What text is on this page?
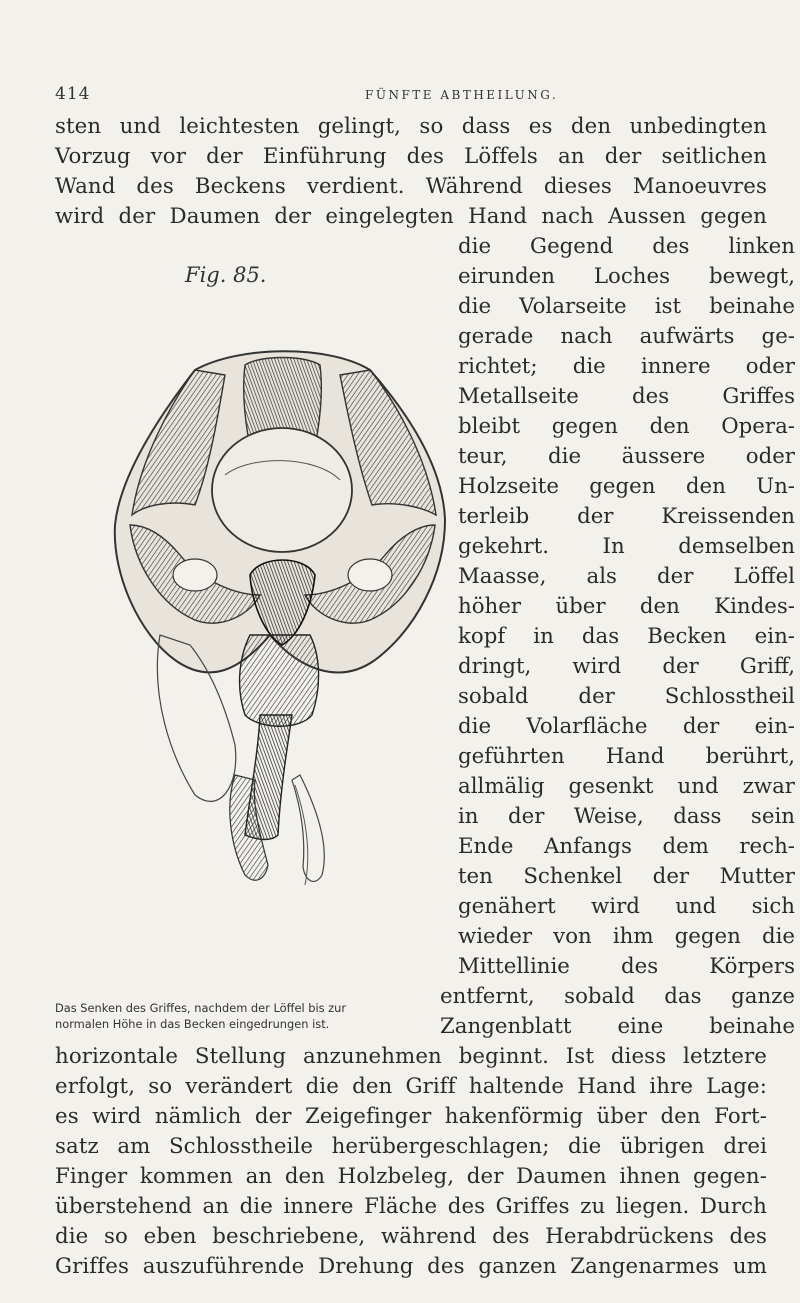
414	FÜNFTE ABTHEILUNG.
sten und leichtesten gelingt, so dass es den unbedingten
Vorzug vor der Einführung des Löffels an der seitlichen
Wand des Beckens verdient. Während dieses Manoeuvres
wird der Daumen der eingelegten Hand nach Aussen gegen
Fig. 85.
die Gegend des linken
eirunden Loches bewegt,
die Volarseite ist beinahe
gerade nach aufwärts ge-
richtet; die innere oder
Metallseite des Griffes
bleibt gegen den Opera-
teur, die äussere oder
Holzseite gegen den Un-
terleib der Kreissenden
gekehrt. In demselben
Maasse, als der Löffel
höher über den Kindes-
kopf in das Becken ein-
dringt, wird der Griff,
sobald der Schlosstheil
die Volarfläche der ein-
geführten Hand berührt,
allmälig gesenkt und zwar
in der Weise, dass sein
Ende Anfangs dem rech-
ten Schenkel der Mutter
genähert wird und sich
wieder von ihm gegen die
Mittellinie des Körpers
entfernt, sobald das ganze
Zangenblatt eine beinahe
Das Senken des Griffes, nachdem der Löffel bis zur
normalen Höhe in das Becken eingedrungen ist.
horizontale Stellung anzunehmen beginnt. Ist diess letztere
erfolgt, so verändert die den Griff haltende Hand ihre Lage:
es wird nämlich der Zeigefinger hakenförmig über den Fort-
satz am Schlosstheile herübergeschlagen; die übrigen drei
Finger kommen an den Holzbeleg, der Daumen ihnen gegen-
überstehend an die innere Fläche des Griffes zu liegen. Durch
die so eben beschriebene, während des Herabdrückens des
Griffes auszuführende Drehung des ganzen Zangenarmes um
